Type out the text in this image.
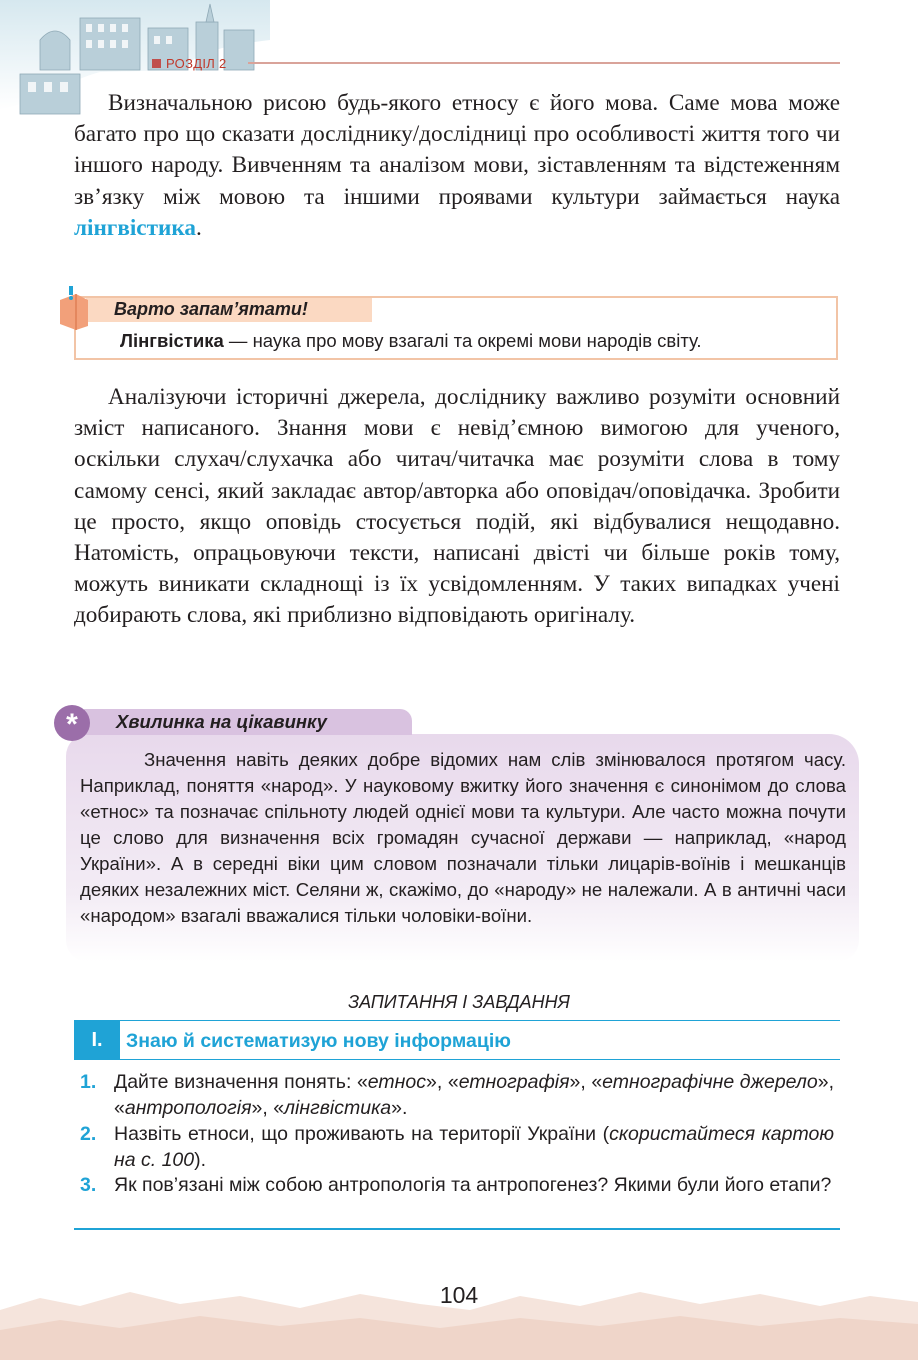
РОЗДІЛ 2

Визначальною рисою будь-якого етносу є його мова. Саме мова може багато про що сказати досліднику/дослідниці про особливості життя того чи іншого народу. Вивченням та аналізом мови, зіставленням та відстеженням зв’язку між мовою та іншими проявами культури займається наука лінгвістика.

Варто запам’ятати!
Лінгвістика — наука про мову взагалі та окремі мови народів світу.

Аналізуючи історичні джерела, досліднику важливо розуміти основний зміст написаного. Знання мови є невід’ємною вимогою для ученого, оскільки слухач/слухачка або читач/читачка має розуміти слова в тому самому сенсі, який закладає автор/авторка або оповідач/оповідачка. Зробити це просто, якщо оповідь стосується подій, які відбувалися нещодавно. Натомість, опрацьовуючи тексти, написані двісті чи більше років тому, можуть виникати складнощі із їх усвідомленням. У таких випадках учені добирають слова, які приблизно відповідають оригіналу.

*	Хвилинка на цікавинку

Значення навіть деяких добре відомих нам слів змінювалося протягом часу. Наприклад, поняття «народ». У науковому вжитку його значення є синонімом до слова «етнос» та позначає спільноту людей однієї мови та культури. Але часто можна почути це слово для визначення всіх громадян сучасної держави — наприклад, «народ України». А в середні віки цим словом позначали тільки лицарів-воїнів і мешканців деяких незалежних міст. Селяни ж, скажімо, до «народу» не належали. А в античні часи «народом» взагалі вважалися тільки чоловіки-воїни.

ЗАПИТАННЯ І ЗАВДАННЯ
I.	Знаю й систематизую нову інформацію
1. Дайте визначення понять: «етнос», «етнографія», «етнографічне джерело», «антропологія», «лінгвістика».
2. Назвіть етноси, що проживають на території України (скористайтеся картою на с. 100).
3. Як пов’язані між собою антропологія та антропогенез? Якими були його етапи?
104
